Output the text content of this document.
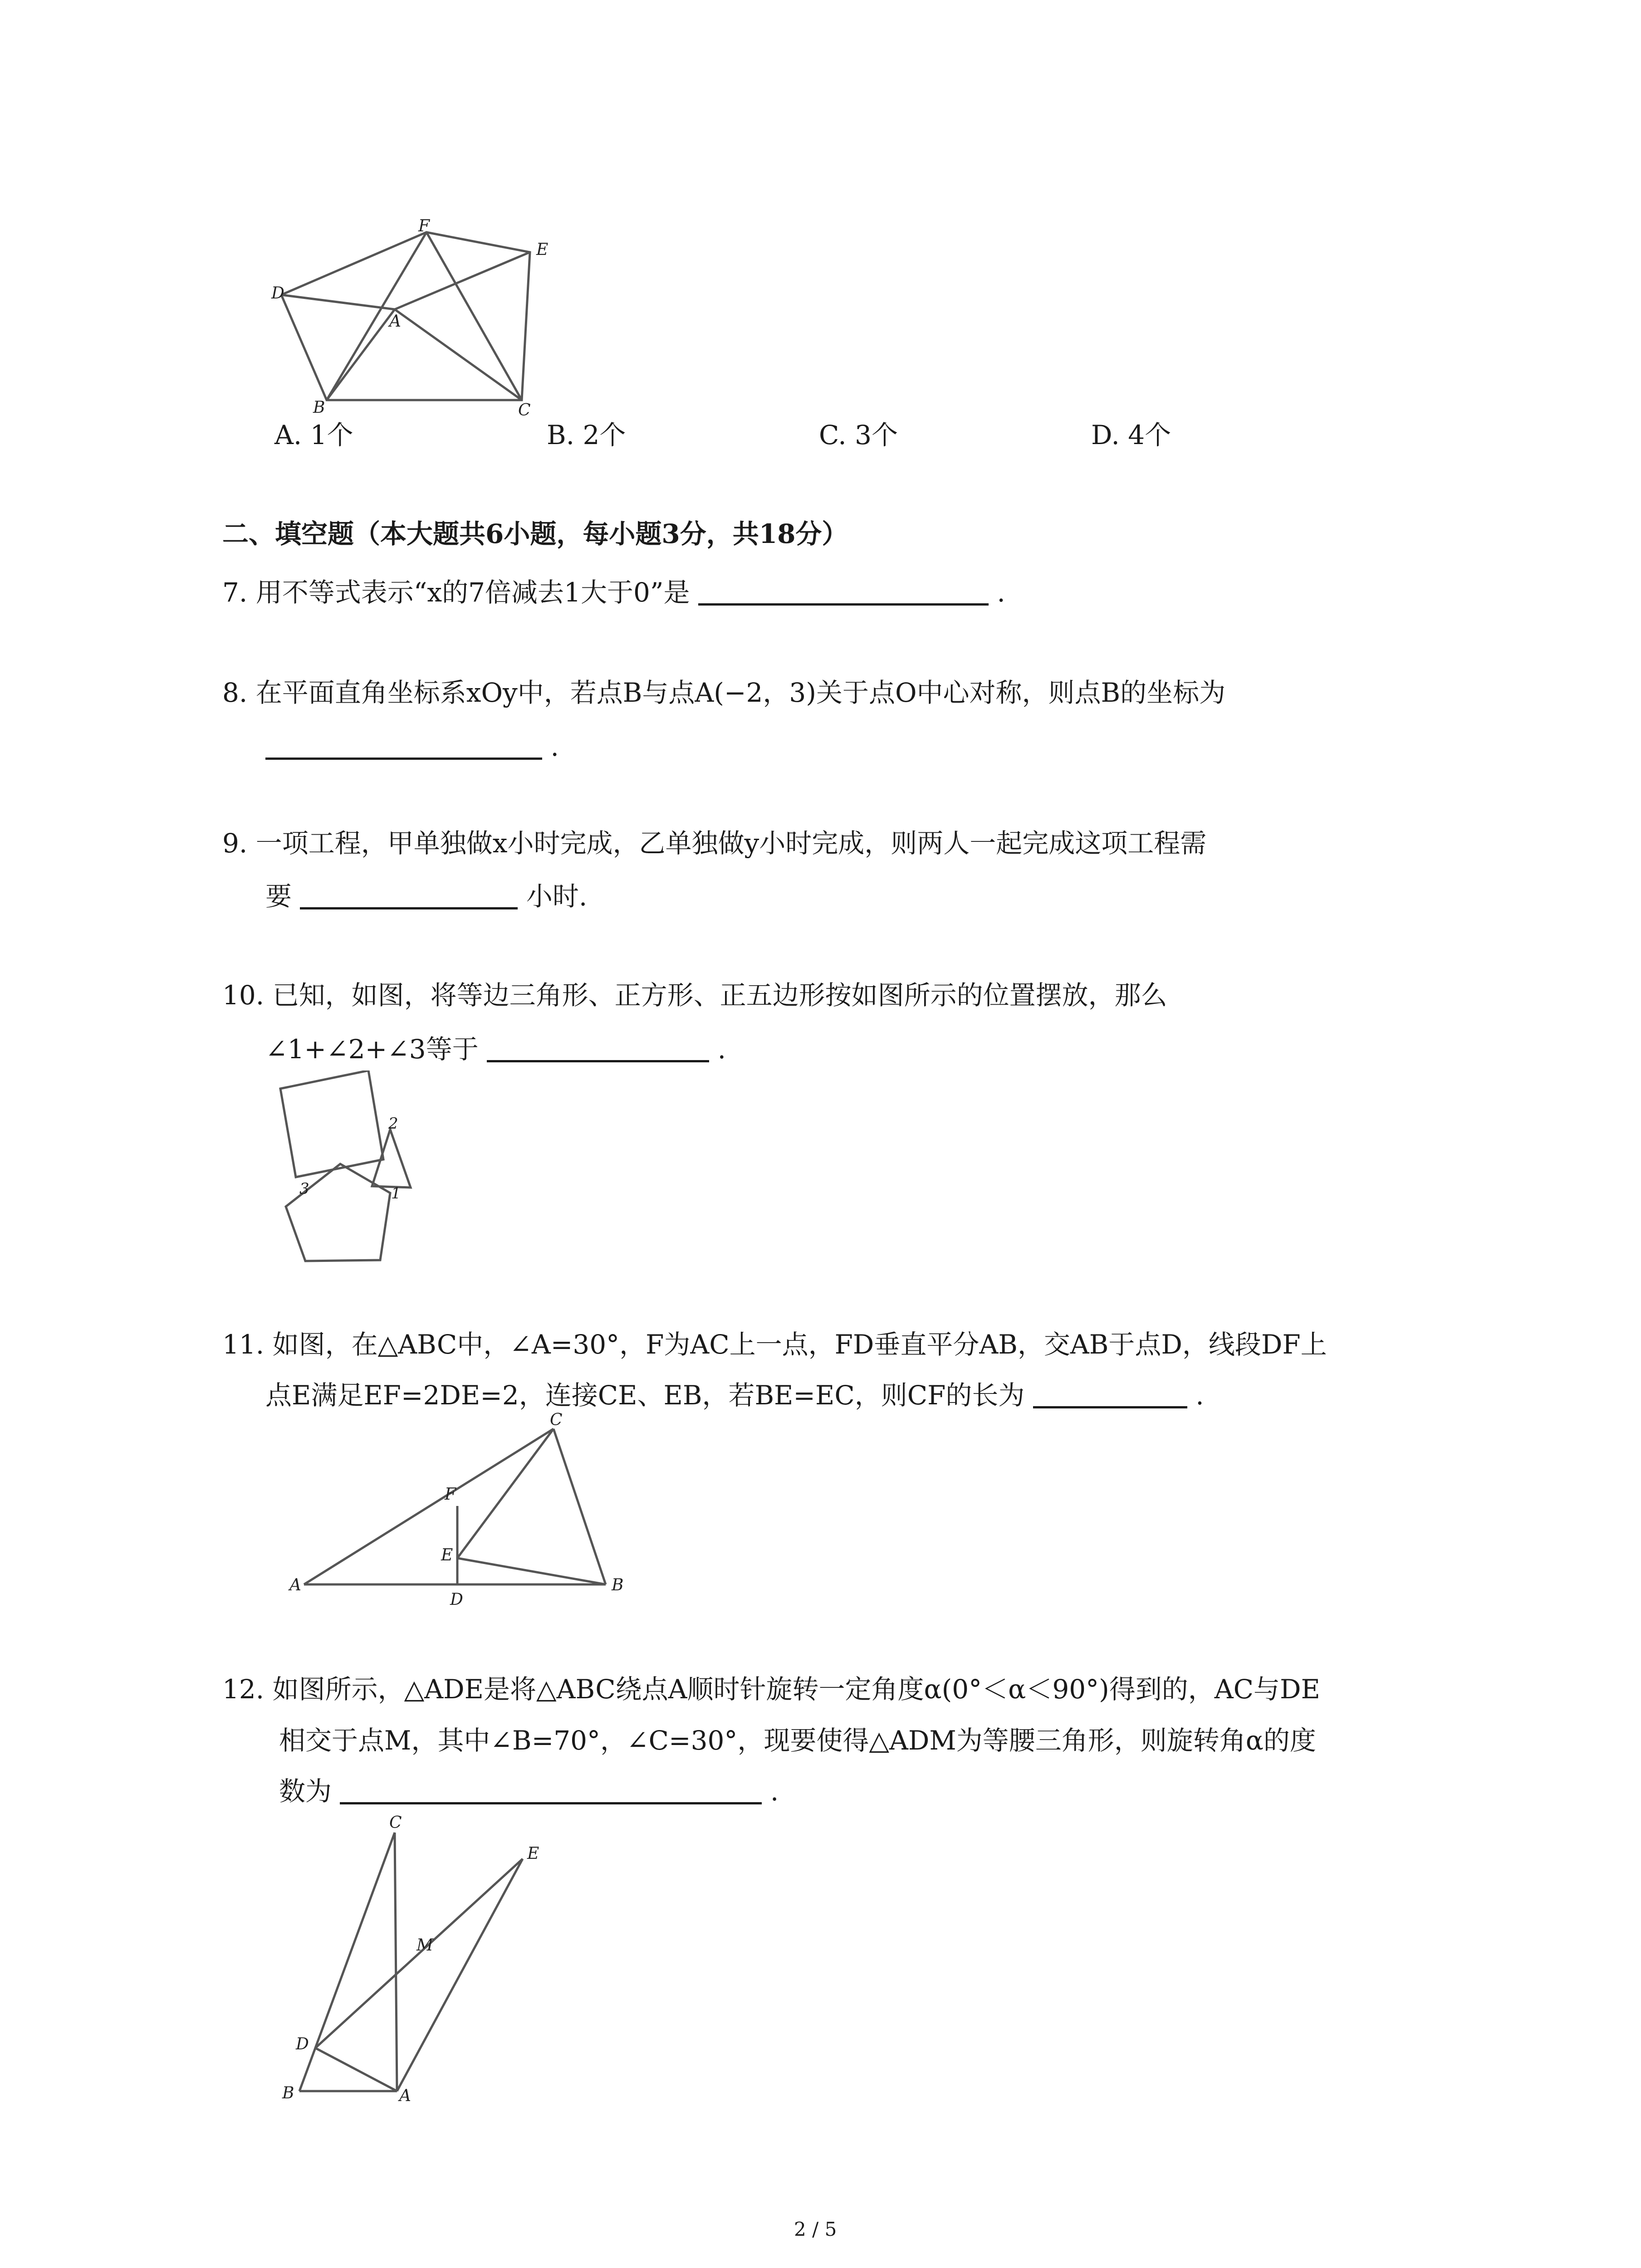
F
E
D
A
B	C
A. 1个	B. 2个	C. 3个	D. 4个
二、填空题（本大题共6小题，每小题3分，共18分）
7. 用不等式表示“x的7倍减去1大于0”是	.
8. 在平面直角坐标系xOy中，若点B与点A(−2，3)关于点O中心对称，则点B的坐标为
.
9. 一项工程，甲单独做x小时完成，乙单独做y小时完成，则两人一起完成这项工程需
要	小时.
10. 已知，如图，将等边三角形、正方形、正五边形按如图所示的位置摆放，那么
∠1+∠2+∠3等于	.
2
3	1
11. 如图，在△ABC中，∠A=30°，F为AC上一点，FD垂直平分AB，交AB于点D，线段DF上
点E满足EF=2DE=2，连接CE、EB，若BE=EC，则CF的长为	.
C
F
E
A
D
B
12. 如图所示，△ADE是将△ABC绕点A顺时针旋转一定角度α(0°＜α＜90°)得到的，AC与DE
相交于点M，其中∠B=70°，∠C=30°，现要使得△ADM为等腰三角形，则旋转角α的度
数为	.
C
E
M
D
B	A
2 / 5
